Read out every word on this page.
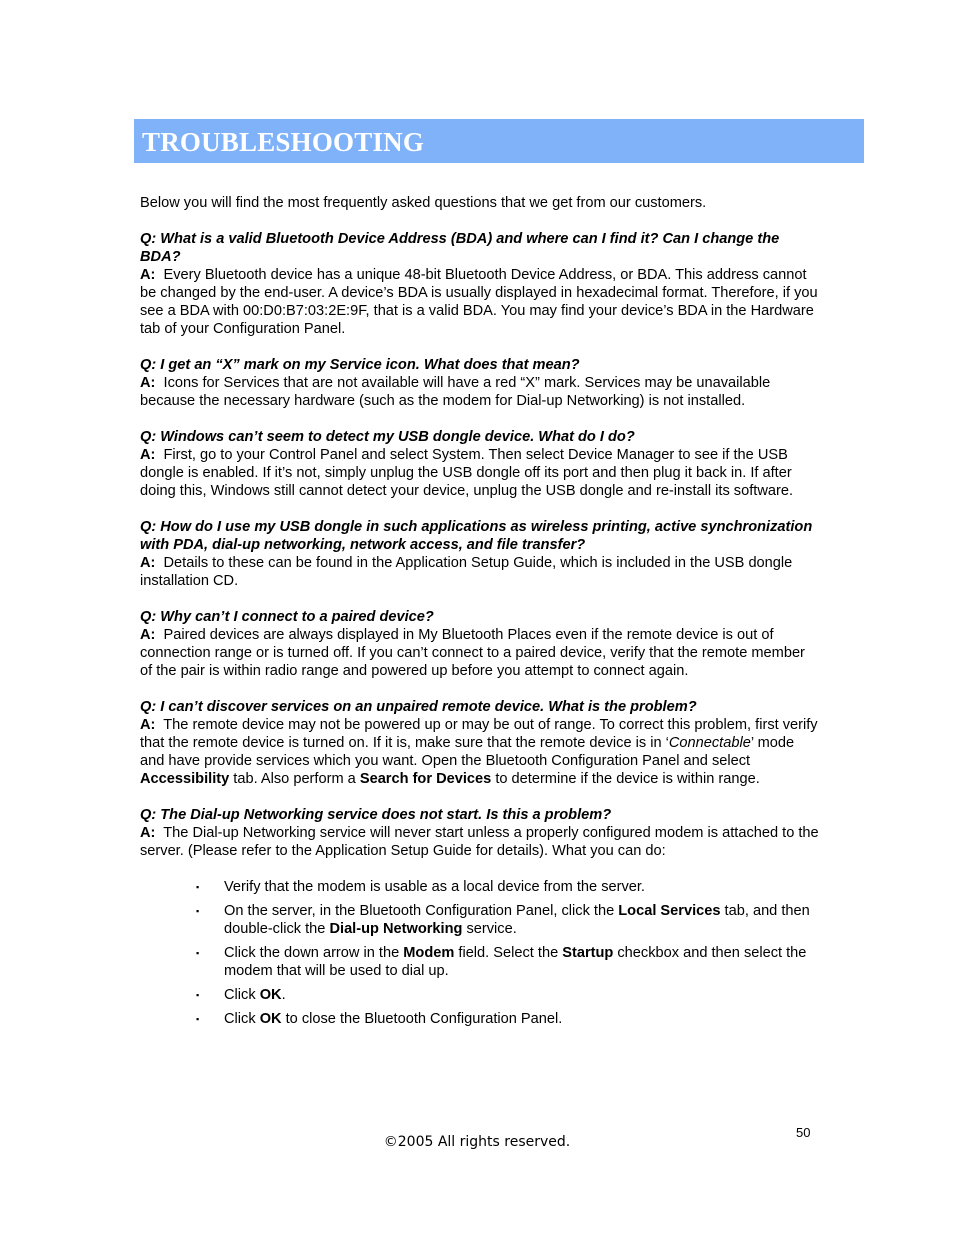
TROUBLESHOOTING

Below you will find the most frequently asked questions that we get from our customers.

Q: What is a valid Bluetooth Device Address (BDA) and where can I find it? Can I change the BDA?

A: Every Bluetooth device has a unique 48-bit Bluetooth Device Address, or BDA. This address cannot be changed by the end-user. A device’s BDA is usually displayed in hexadecimal format. Therefore, if you see a BDA with 00:D0:B7:03:2E:9F, that is a valid BDA. You may find your device’s BDA in the Hardware tab of your Configuration Panel.

Q: I get an “X” mark on my Service icon. What does that mean?

A: Icons for Services that are not available will have a red “X” mark. Services may be unavailable because the necessary hardware (such as the modem for Dial-up Networking) is not installed.

Q: Windows can’t seem to detect my USB dongle device. What do I do?

A: First, go to your Control Panel and select System. Then select Device Manager to see if the USB dongle is enabled. If it’s not, simply unplug the USB dongle off its port and then plug it back in. If after doing this, Windows still cannot detect your device, unplug the USB dongle and re-install its software.

Q: How do I use my USB dongle in such applications as wireless printing, active synchronization with PDA, dial-up networking, network access, and file transfer?

A: Details to these can be found in the Application Setup Guide, which is included in the USB dongle installation CD.

Q: Why can’t I connect to a paired device?

A: Paired devices are always displayed in My Bluetooth Places even if the remote device is out of connection range or is turned off. If you can’t connect to a paired device, verify that the remote member of the pair is within radio range and powered up before you attempt to connect again.

Q: I can’t discover services on an unpaired remote device. What is the problem?

A: The remote device may not be powered up or may be out of range. To correct this problem, first verify that the remote device is turned on. If it is, make sure that the remote device is in ‘Connectable’ mode and have provide services which you want. Open the Bluetooth Configuration Panel and select Accessibility tab. Also perform a Search for Devices to determine if the device is within range.

Q: The Dial-up Networking service does not start. Is this a problem?

A: The Dial-up Networking service will never start unless a properly configured modem is attached to the server. (Please refer to the Application Setup Guide for details). What you can do:

▪ Verify that the modem is usable as a local device from the server.
▪ On the server, in the Bluetooth Configuration Panel, click the Local Services tab, and then double-click the Dial-up Networking service.
▪ Click the down arrow in the Modem field. Select the Startup checkbox and then select the modem that will be used to dial up.
▪ Click OK.
▪ Click OK to close the Bluetooth Configuration Panel.
50
©2005 All rights reserved.
